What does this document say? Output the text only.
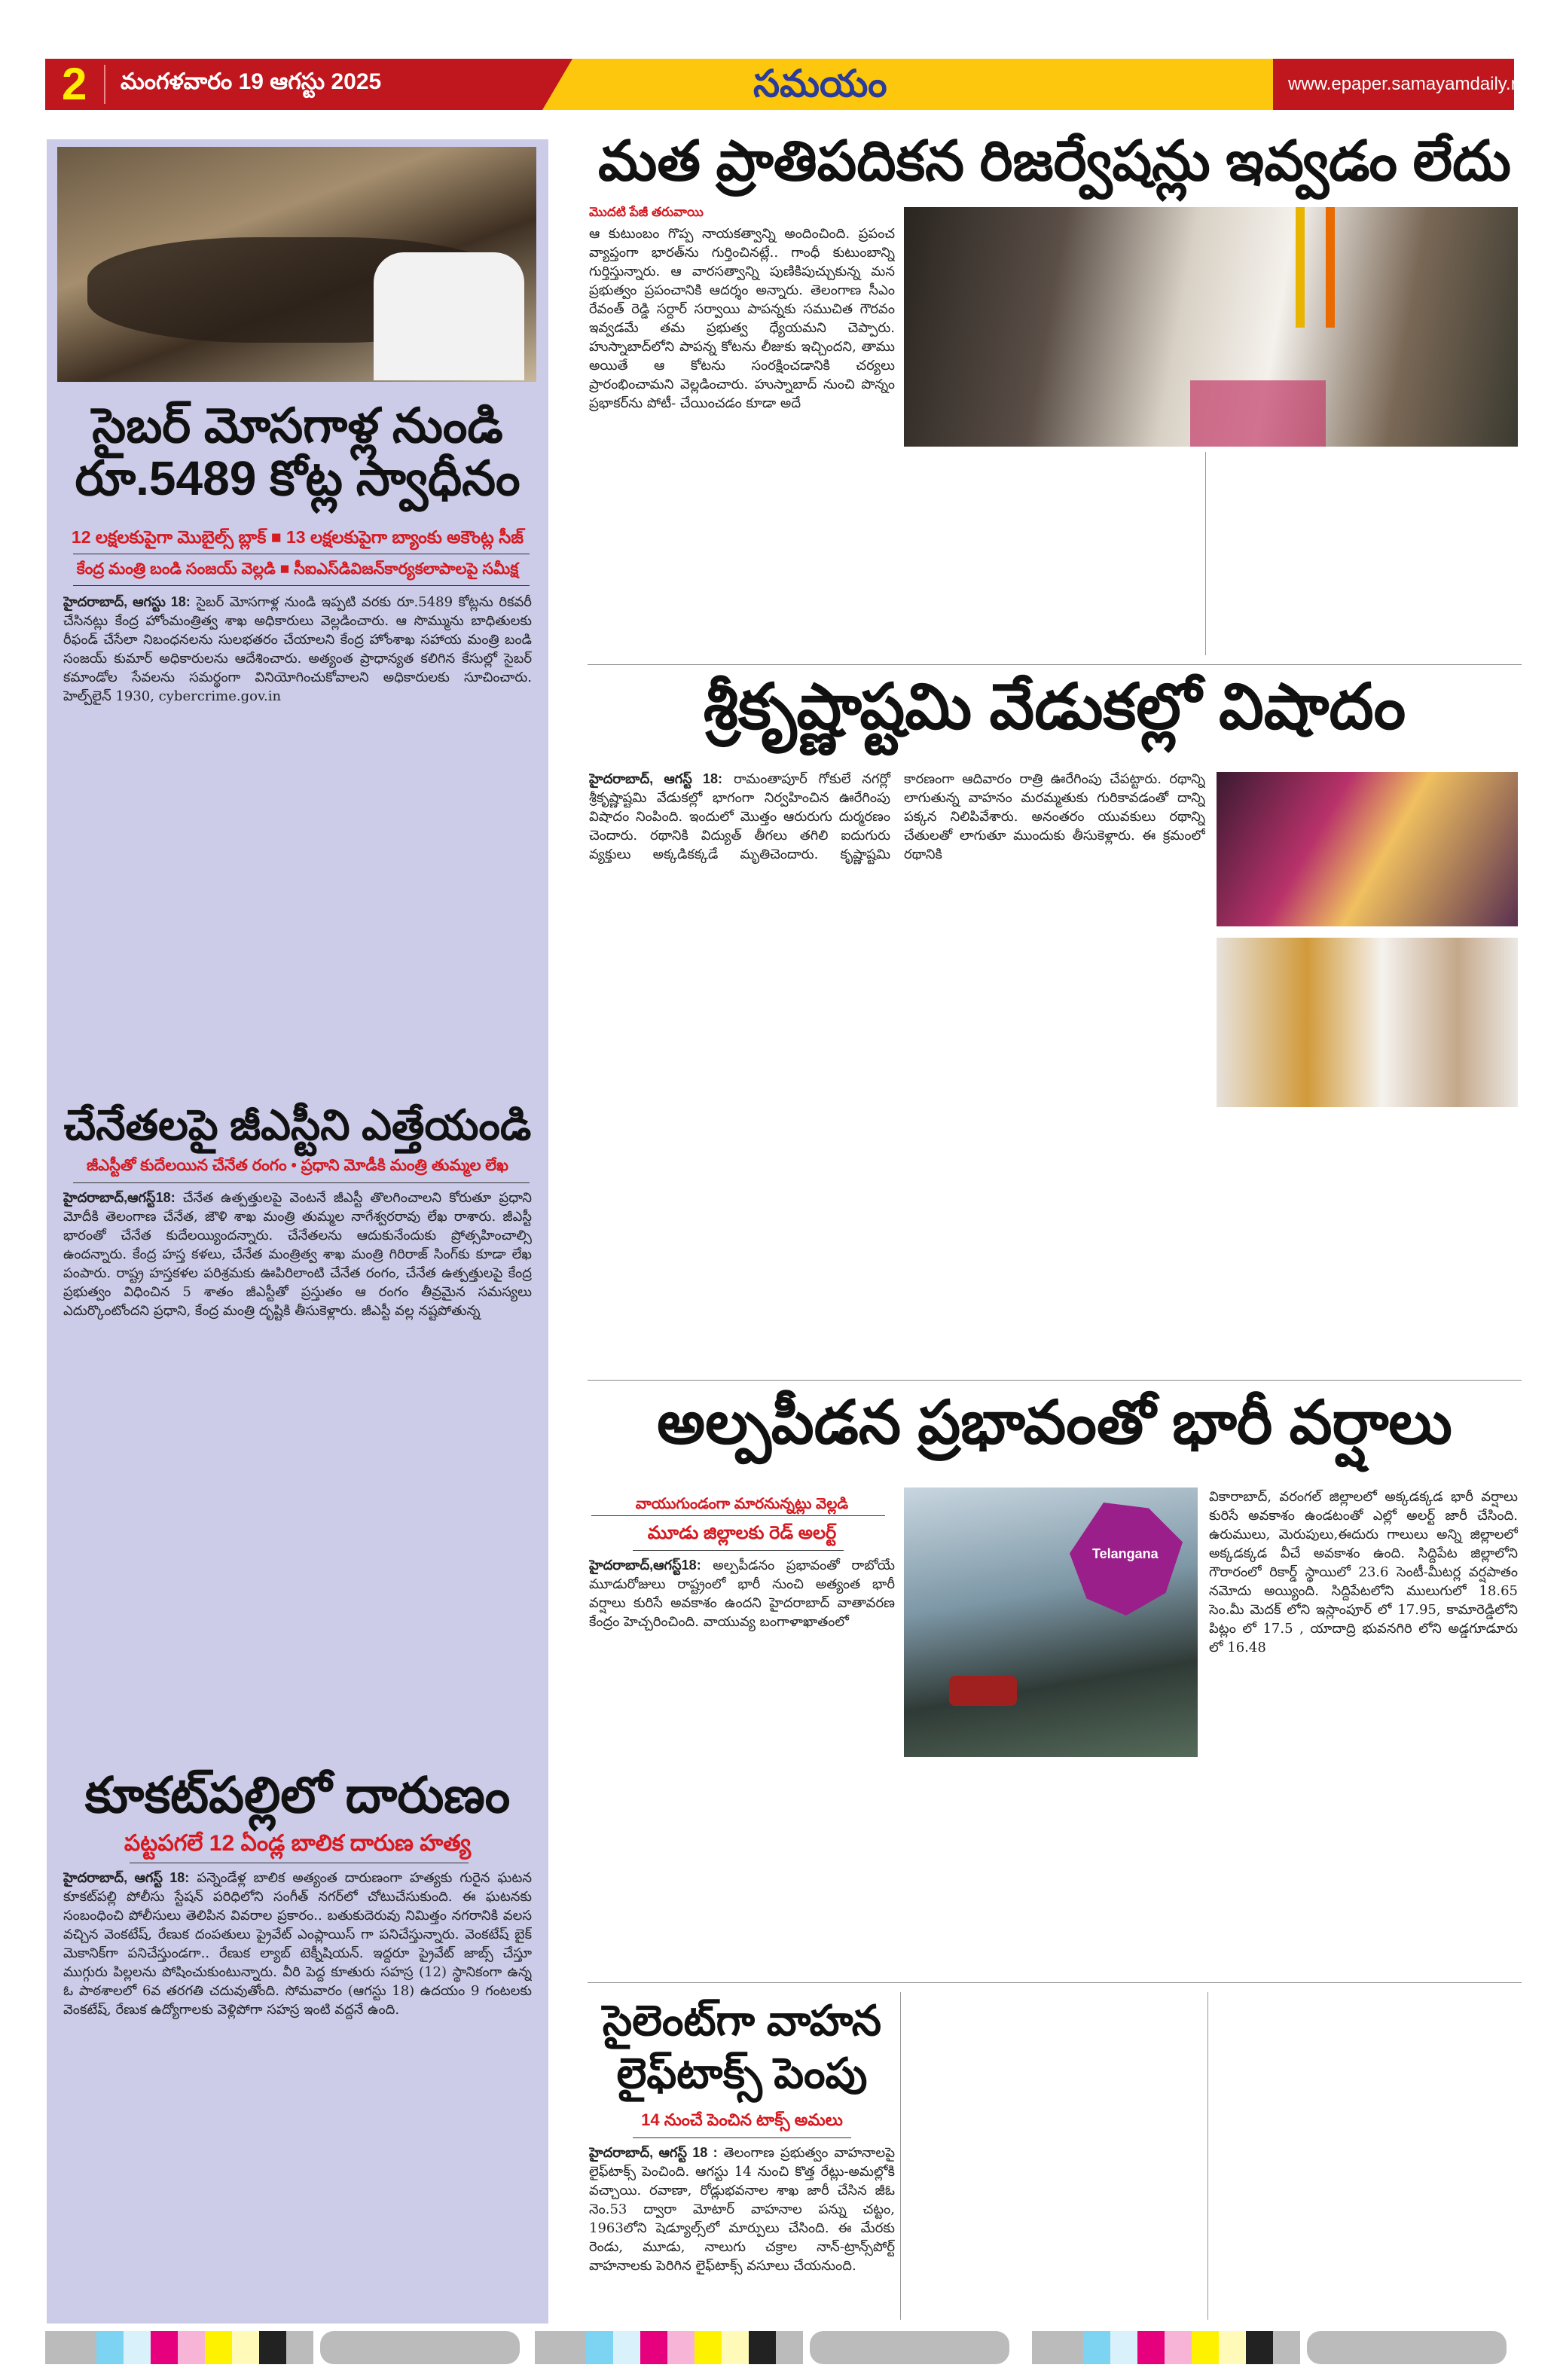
2 మంగళవారం 19 ఆగస్టు 2025	సమయం	www.epaper.samayamdaily.net
సైబర్ మోసగాళ్ల నుండి రూ.5489 కోట్ల స్వాధీనం
12 లక్షలకుపైగా మొబైల్స్ బ్లాక్ ■ 13 లక్షలకుపైగా బ్యాంకు అకౌంట్ల సీజ్
కేంద్ర మంత్రి బండి సంజయ్ వెల్లడి ■ సీఐఎస్‌డివిజన్‌కార్యకలాపాలపై సమీక్ష
హైదరాబాద్, ఆగస్టు 18: సైబర్ మోసగాళ్ల నుండి ఇప్పటి వరకు రూ.5489 కోట్లను రికవరీ చేసినట్లు కేంద్ర హోంమంత్రిత్వ శాఖ అధికారులు వెల్లడించారు. ఆ సొమ్మును బాధితులకు రీఫండ్ చేసేలా నిబంధనలను సులభతరం చేయాలని కేంద్ర హోంశాఖ సహాయ మంత్రి బండి సంజయ్ కుమార్ అధికారులను ఆదేశించారు. అత్యంత ప్రాధాన్యత కలిగిన కేసుల్లో సైబర్ కమాండోల సేవలను సమర్థంగా వినియోగించుకోవాలని అధికారులకు సూచించారు. హెల్ప్‌లైన్ 1930, cybercrime.gov.in
చేనేతలపై జీఎస్టీని ఎత్తేయండి
జీఎస్టీతో కుదేలయిన చేనేత రంగం • ప్రధాని మోడీకి మంత్రి తుమ్మల లేఖ
హైదరాబాద్,ఆగస్ట్18: చేనేత ఉత్పత్తులపై వెంటనే జీఎస్టీ తొలగించాలని కోరుతూ ప్రధాని మోదీకి తెలంగాణ చేనేత, జౌళి శాఖ మంత్రి తుమ్మల నాగేశ్వరరావు లేఖ రాశారు. జీఎస్టీ భారంతో చేనేత కుదేలయ్యిందన్నారు. చేనేతలను ఆదుకునేందుకు ప్రోత్సహించాల్సి ఉందన్నారు. కేంద్ర హస్త కళలు, చేనేత మంత్రిత్వ శాఖ మంత్రి గిరిరాజ్ సింగ్‌కు కూడా లేఖ పంపారు. రాష్ట్ర హస్తకళల పరిశ్రమకు ఊపిరిలాంటి చేనేత రంగం, చేనేత ఉత్పత్తులపై కేంద్ర ప్రభుత్వం విధించిన 5 శాతం జీఎస్టీతో ప్రస్తుతం ఆ రంగం తీవ్రమైన సమస్యలు ఎదుర్కొంటోందని ప్రధాని, కేంద్ర మంత్రి దృష్టికి తీసుకెళ్లారు. జీఎస్టీ వల్ల నష్టపోతున్న
కూకట్‌పల్లిలో దారుణం
పట్టపగలే 12 ఏండ్ల బాలిక దారుణ హత్య
హైదరాబాద్, ఆగస్ట్ 18: పన్నెండేళ్ల బాలిక అత్యంత దారుణంగా హత్యకు గురైన ఘటన కూకట్‌పల్లి పోలీసు స్టేషన్ పరిధిలోని సంగీత్ నగర్‌లో చోటుచేసుకుంది. ఈ ఘటనకు సంబంధించి పోలీసులు తెలిపిన వివరాల ప్రకారం.. బతుకుదెరువు నిమిత్తం నగరానికి వలస వచ్చిన వెంకటేష్, రేణుక దంపతులు ప్రైవేట్ ఎంప్లాయిస్ గా పనిచేస్తున్నారు. వెంకటేష్ బైక్ మెకానిక్‌గా పనిచేస్తుండగా.. రేణుక ల్యాబ్ టెక్నీషియన్. ఇద్దరూ ప్రైవేట్ జాబ్స్ చేస్తూ ముగ్గురు పిల్లలను పోషించుకుంటున్నారు. వీరి పెద్ద కూతురు సహస్ర (12) స్థానికంగా ఉన్న ఓ పాఠశాలలో 6వ తరగతి చదువుతోంది. సోమవారం (ఆగస్టు 18) ఉదయం 9 గంటలకు వెంకటేష్, రేణుక ఉద్యోగాలకు వెళ్లిపోగా సహస్ర ఇంటి వద్దనే ఉంది.
మత ప్రాతిపదికన రిజర్వేషన్లు ఇవ్వడం లేదు
మొదటి పేజీ తరువాయి
ఆ కుటుంబం గొప్ప నాయకత్వాన్ని అందించింది. ప్రపంచ వ్యాప్తంగా భారత్‌ను గుర్తించినట్లే.. గాంధీ కుటుంబాన్ని గుర్తిస్తున్నారు. ఆ వారసత్వాన్ని పుణికిపుచ్చుకున్న మన ప్రభుత్వం ప్రపంచానికి ఆదర్శం అన్నారు. తెలంగాణ సీఎం రేవంత్ రెడ్డి సర్దార్ సర్వాయి పాపన్నకు సముచిత గౌరవం ఇవ్వడమే తమ ప్రభుత్వ ధ్యేయమని చెప్పారు. హుస్నాబాద్‌లోని పాపన్న కోటను లీజుకు ఇచ్చిందని, తాము అయితే ఆ కోటను సంరక్షించడానికి చర్యలు ప్రారంభించామని వెల్లడించారు. హుస్నాబాద్ నుంచి పొన్నం ప్రభాకర్‌ను పోటీ- చేయించడం కూడా అదే
శ్రీకృష్ణాష్టమి వేడుకల్లో విషాదం
హైదరాబాద్, ఆగస్ట్ 18: రామంతాపూర్ గోకులే నగర్లో శ్రీకృష్ణాష్టమి వేడుకల్లో భాగంగా నిర్వహించిన ఊరేగింపు విషాదం నింపింది. ఇందులో మొత్తం ఆరురుగు దుర్మరణం చెందారు. రథానికి విద్యుత్ తీగలు తగిలి ఐదుగురు వ్యక్తులు అక్కడికక్కడే మృతిచెందారు. కృష్ణాష్టమి కారణంగా ఆదివారం రాత్రి ఊరేగింపు చేపట్టారు. రథాన్ని లాగుతున్న వాహనం మరమ్మతుకు గురికావడంతో దాన్ని పక్కన నిలిపివేశారు. అనంతరం యువకులు రథాన్ని చేతులతో లాగుతూ ముందుకు తీసుకెళ్లారు. ఈ క్రమంలో రథానికి
అల్పపీడన ప్రభావంతో భారీ వర్షాలు
వాయుగుండంగా మారనున్నట్లు వెల్లడి
మూడు జిల్లాలకు రెడ్ అలర్ట్
హైదరాబాద్,ఆగస్ట్18: అల్పపీడనం ప్రభావంతో రాబోయే మూడురోజులు రాష్ట్రంలో భారీ నుంచి అత్యంత భారీ వర్షాలు కురిసే అవకాశం ఉందని హైదరాబాద్ వాతావరణ కేంద్రం హెచ్చరించింది. వాయువ్య బంగాళాఖాతంలో
Telangana
వికారాబాద్, వరంగల్ జిల్లాలలో అక్కడక్కడ భారీ వర్షాలు కురిసే అవకాశం ఉండటంతో ఎల్లో అలర్ట్ జారీ చేసింది. ఉరుములు, మెరుపులు,ఈదురు గాలులు అన్ని జిల్లాలలో అక్కడక్కడ వీచే అవకాశం ఉంది. సిద్దిపేట జిల్లాలోని గౌరారంలో రికార్డ్ స్థాయిలో 23.6 సెంటీ-మీటర్ల వర్షపాతం నమోదు అయ్యింది. సిద్దిపేటలోని ములుగులో 18.65 సెం.మీ మెదక్ లోని ఇస్లాంపూర్ లో 17.95, కామారెడ్డిలోని పిట్లం లో 17.5 , యాదాద్రి భువనగిరి లోని అడ్డగూడూరు లో 16.48
సైలెంట్‌గా వాహన లైఫ్‌టాక్స్ పెంపు
14 నుంచే పెంచిన టాక్స్ అమలు
హైదరాబాద్, ఆగస్ట్ 18 : తెలంగాణ ప్రభుత్వం వాహనాలపై లైఫ్‌టాక్స్ పెంచింది. ఆగస్టు 14 నుంచి కొత్త రేట్లు-అమల్లోకి వచ్చాయి. రవాణా, రోడ్లుభవనాల శాఖ జారీ చేసిన జీఓ నెం.53 ద్వారా మోటార్ వాహనాల పన్ను చట్టం, 1963లోని షెడ్యూల్స్‌లో మార్పులు చేసింది. ఈ మేరకు రెండు, మూడు, నాలుగు చక్రాల నాన్-ట్రాన్స్‌పోర్ట్ వాహనాలకు పెరిగిన లైఫ్‌టాక్స్ వసూలు చేయనుంది.
